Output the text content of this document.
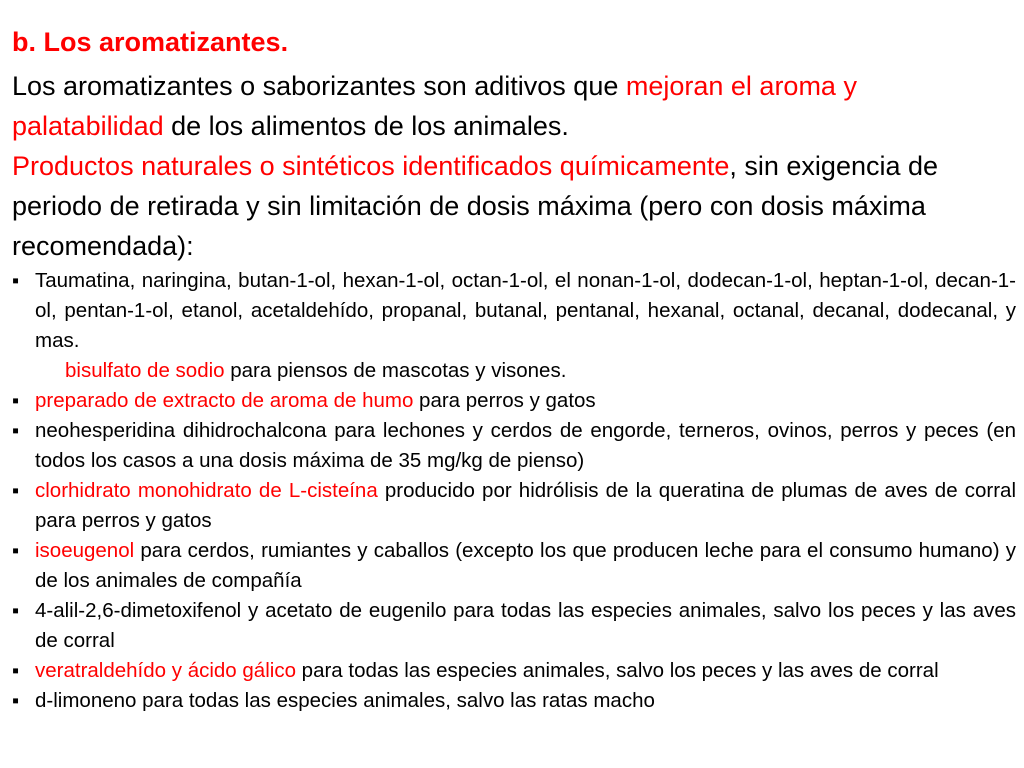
b. Los aromatizantes.
Los aromatizantes o saborizantes son aditivos que mejoran el aroma y palatabilidad de los alimentos de los animales.
Productos naturales o sintéticos identificados químicamente, sin exigencia de periodo de retirada y sin limitación de dosis máxima (pero con dosis máxima recomendada):
▪ Taumatina, naringina, butan-1-ol, hexan-1-ol, octan-1-ol, el nonan-1-ol, dodecan-1-ol, heptan-1-ol, decan-1-ol, pentan-1-ol, etanol, acetaldehído, propanal, butanal, pentanal, hexanal, octanal, decanal, dodecanal, y mas.
bisulfato de sodio para piensos de mascotas y visones.
▪ preparado de extracto de aroma de humo para perros y gatos
▪ neohesperidina dihidrochalcona para lechones y cerdos de engorde, terneros, ovinos, perros y peces (en todos los casos a una dosis máxima de 35 mg/kg de pienso)
▪ clorhidrato monohidrato de L-cisteína producido por hidrólisis de la queratina de plumas de aves de corral para perros y gatos
▪ isoeugenol para cerdos, rumiantes y caballos (excepto los que producen leche para el consumo humano) y de los animales de compañía
▪ 4-alil-2,6-dimetoxifenol y acetato de eugenilo para todas las especies animales, salvo los peces y las aves de corral
▪ veratraldehído y ácido gálico para todas las especies animales, salvo los peces y las aves de corral
▪ d-limoneno para todas las especies animales, salvo las ratas macho
